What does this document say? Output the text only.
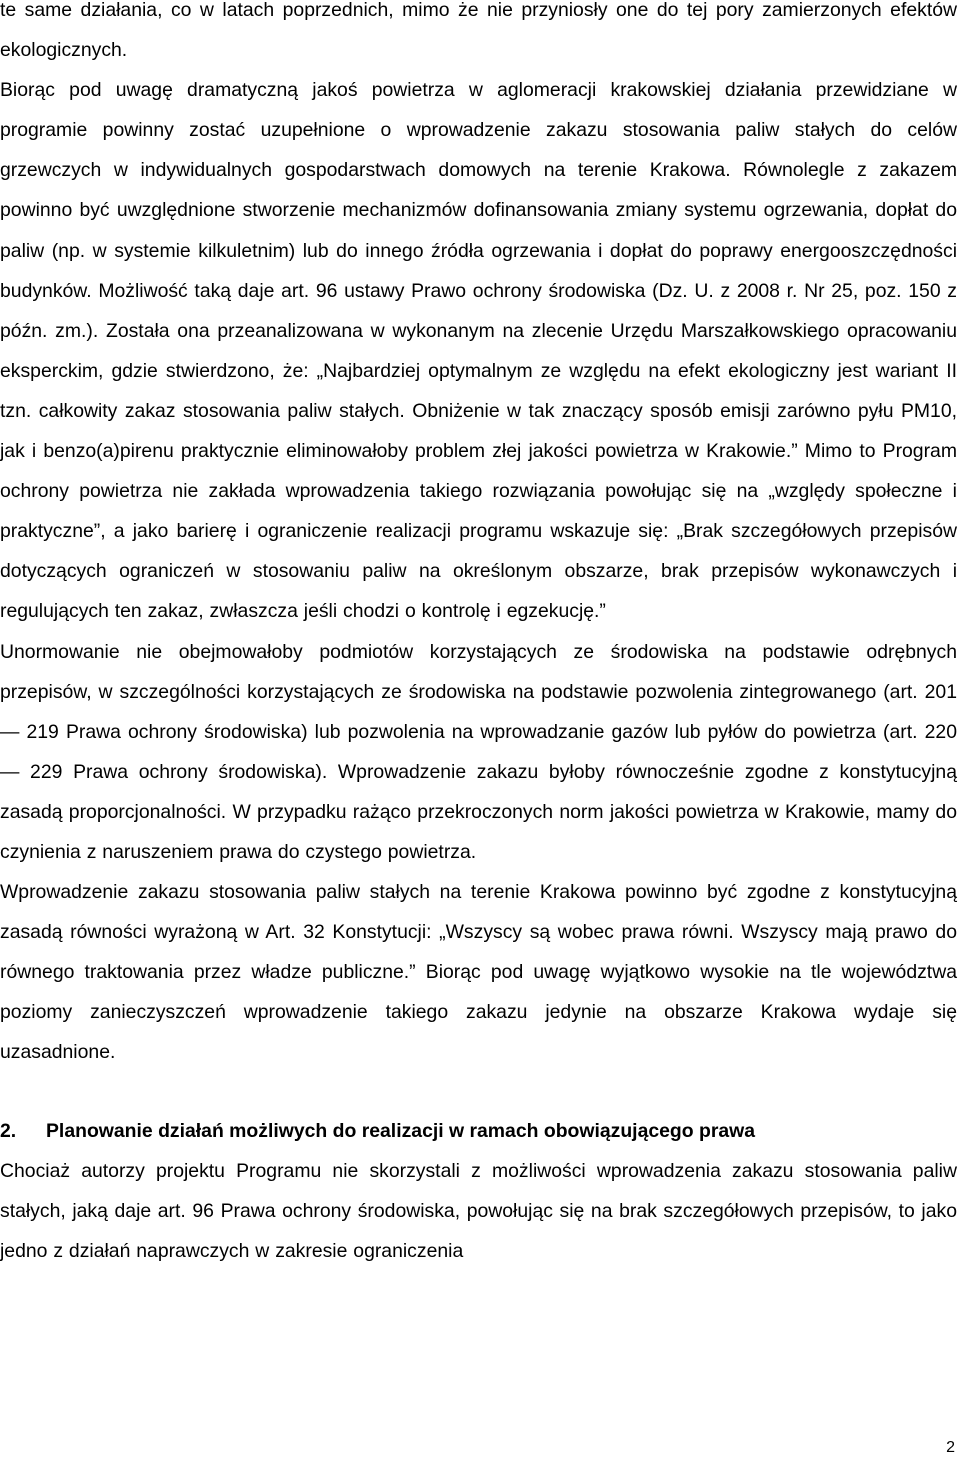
te same działania, co w latach poprzednich, mimo że nie przyniosły one do tej pory zamierzonych efektów ekologicznych.

Biorąc pod uwagę dramatyczną jakoś powietrza w aglomeracji krakowskiej działania przewidziane w programie powinny zostać uzupełnione o wprowadzenie zakazu stosowania paliw stałych do celów grzewczych w indywidualnych gospodarstwach domowych na terenie Krakowa. Równolegle z zakazem powinno być uwzględnione stworzenie mechanizmów dofinansowania zmiany systemu ogrzewania, dopłat do paliw (np. w systemie kilkuletnim) lub do innego źródła ogrzewania i dopłat do poprawy energooszczędności budynków. Możliwość taką daje art. 96 ustawy Prawo ochrony środowiska (Dz. U. z 2008 r. Nr 25, poz. 150 z późn. zm.). Została ona przeanalizowana w wykonanym na zlecenie Urzędu Marszałkowskiego opracowaniu eksperckim, gdzie stwierdzono, że: „Najbardziej optymalnym ze względu na efekt ekologiczny jest wariant II tzn. całkowity zakaz stosowania paliw stałych. Obniżenie w tak znaczący sposób emisji zarówno pyłu PM10, jak i benzo(a)pirenu praktycznie eliminowałoby problem złej jakości powietrza w Krakowie.” Mimo to Program ochrony powietrza nie zakłada wprowadzenia takiego rozwiązania powołując się na „względy społeczne i praktyczne”, a jako barierę i ograniczenie realizacji programu wskazuje się: „Brak szczegółowych przepisów dotyczących ograniczeń w stosowaniu paliw na określonym obszarze, brak przepisów wykonawczych i regulujących ten zakaz, zwłaszcza jeśli chodzi o kontrolę i egzekucję.”

Unormowanie nie obejmowałoby podmiotów korzystających ze środowiska na podstawie odrębnych przepisów, w szczególności korzystających ze środowiska na podstawie pozwolenia zintegrowanego (art. 201 — 219 Prawa ochrony środowiska) lub pozwolenia na wprowadzanie gazów lub pyłów do powietrza (art. 220 — 229 Prawa ochrony środowiska). Wprowadzenie zakazu byłoby równocześnie zgodne z konstytucyjną zasadą proporcjonalności. W przypadku rażąco przekroczonych norm jakości powietrza w Krakowie, mamy do czynienia z naruszeniem prawa do czystego powietrza.

Wprowadzenie zakazu stosowania paliw stałych na terenie Krakowa powinno być zgodne z konstytucyjną zasadą równości wyrażoną w Art. 32 Konstytucji: „Wszyscy są wobec prawa równi. Wszyscy mają prawo do równego traktowania przez władze publiczne.” Biorąc pod uwagę wyjątkowo wysokie na tle województwa poziomy zanieczyszczeń wprowadzenie takiego zakazu jedynie na obszarze Krakowa wydaje się uzasadnione.

2.	Planowanie działań możliwych do realizacji w ramach obowiązującego prawa

Chociaż autorzy projektu Programu nie skorzystali z możliwości wprowadzenia zakazu stosowania paliw stałych, jaką daje art. 96 Prawa ochrony środowiska, powołując się na brak szczegółowych przepisów, to jako jedno z działań naprawczych w zakresie ograniczenia

2
